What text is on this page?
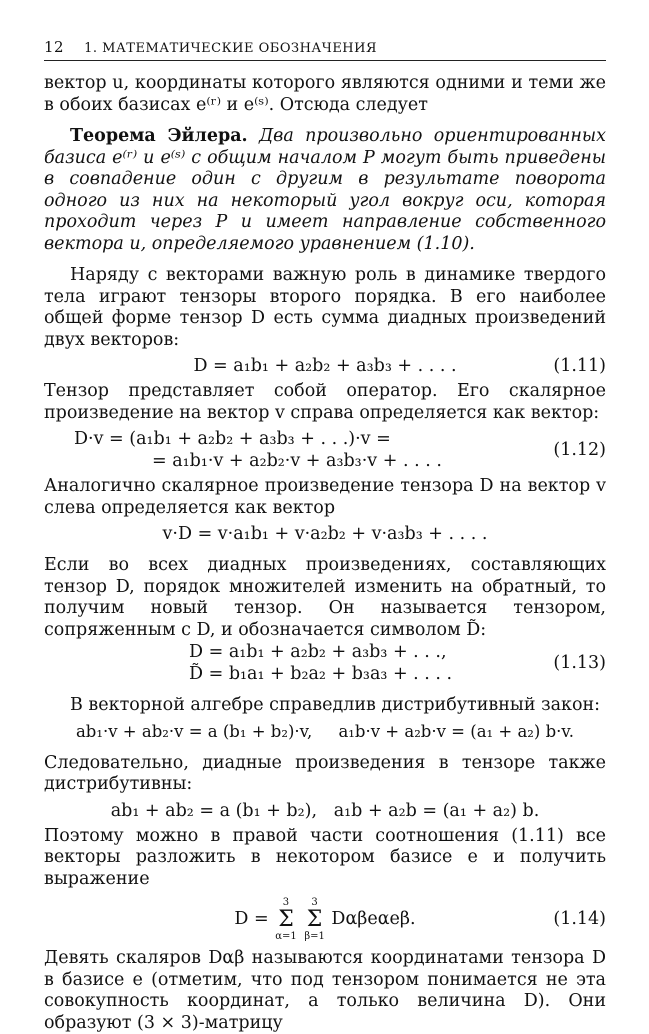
12 1. МАТЕМАТИЧЕСКИЕ ОБОЗНАЧЕНИЯ

вектор u, координаты которого являются одними и теми же в обоих базисах e⁽ʳ⁾ и e⁽ˢ⁾. Отсюда следует

Теорема Эйлера. Два произвольно ориентированных базиса e⁽ʳ⁾ и e⁽ˢ⁾ с общим началом P могут быть приведены в совпадение один с другим в результате поворота одного из них на некоторый угол вокруг оси, которая проходит через P и имеет направление собственного вектора u, определяемого уравнением (1.10).

Наряду с векторами важную роль в динамике твердого тела играют тензоры второго порядка. В его наиболее общей форме тензор D есть сумма диадных произведений двух векторов:

D = a₁b₁ + a₂b₂ + a₃b₃ + . . . .	(1.11)

Тензор представляет собой оператор. Его скалярное произведение на вектор v справа определяется как вектор:

D·v = (a₁b₁ + a₂b₂ + a₃b₃ + . . .)·v =
= a₁b₁·v + a₂b₂·v + a₃b₃·v + . . . .
(1.12)

Аналогично скалярное произведение тензора D на вектор v слева определяется как вектор

v·D = v·a₁b₁ + v·a₂b₂ + v·a₃b₃ + . . . .

Если во всех диадных произведениях, составляющих тензор D, порядок множителей изменить на обратный, то получим новый тензор. Он называется тензором, сопряженным с D, и обозначается символом D̃:

D = a₁b₁ + a₂b₂ + a₃b₃ + . . .,
D̃ = b₁a₁ + b₂a₂ + b₃a₃ + . . . .
(1.13)

В векторной алгебре справедлив дистрибутивный закон:

ab₁·v + ab₂·v = a (b₁ + b₂)·v,     a₁b·v + a₂b·v = (a₁ + a₂) b·v.

Следовательно, диадные произведения в тензоре также дистрибутивны:

ab₁ + ab₂ = a (b₁ + b₂),   a₁b + a₂b = (a₁ + a₂) b.

Поэтому можно в правой части соотношения (1.11) все векторы разложить в некотором базисе e и получить выражение

D =
3
Σ
α=1

3
Σ
β=1
Dαβeαeβ.	(1.14)

Девять скаляров Dαβ называются координатами тензора D в базисе e (отметим, что под тензором понимается не эта совокупность координат, а только величина D). Они образуют (3 × 3)-матрицу
